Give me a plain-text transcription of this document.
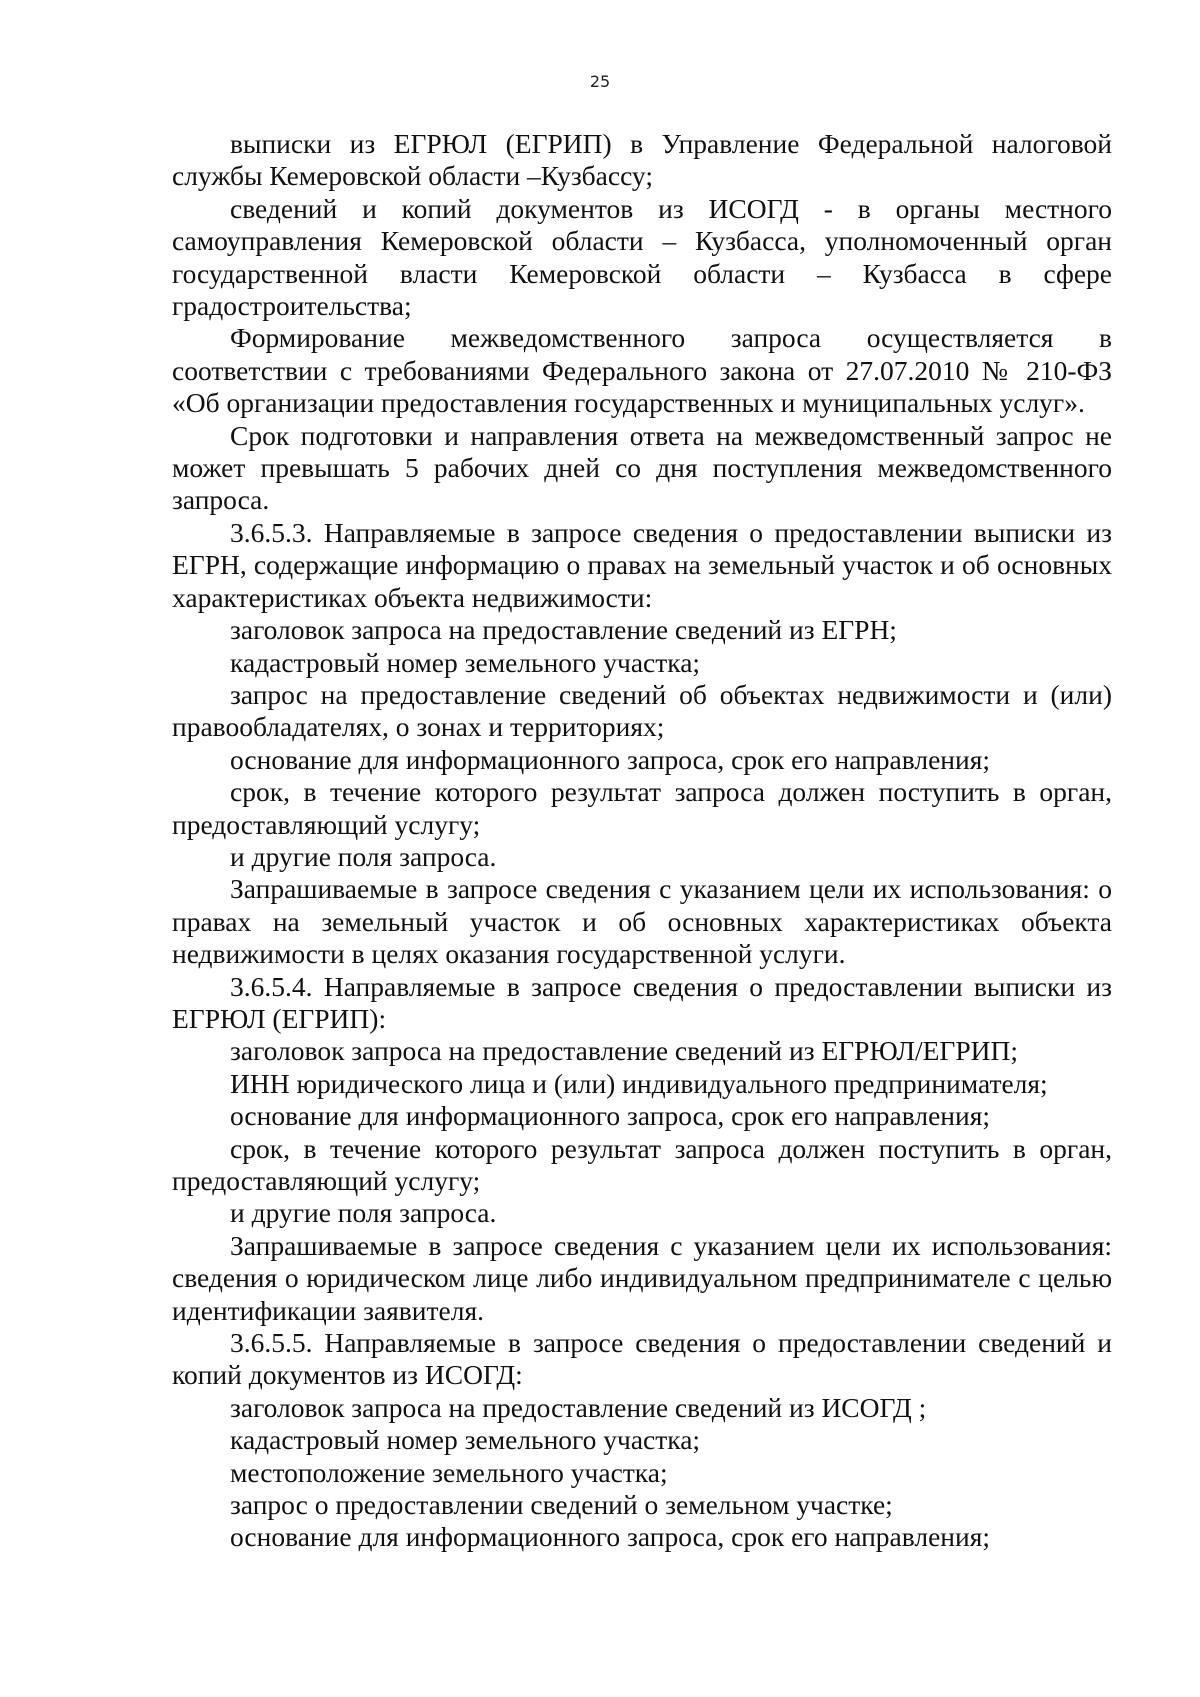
25

выписки из ЕГРЮЛ (ЕГРИП) в Управление Федеральной налоговой службы Кемеровской области –Кузбассу;

сведений и копий документов из ИСОГД - в органы местного самоуправления Кемеровской области – Кузбасса, уполномоченный орган государственной власти Кемеровской области – Кузбасса в сфере градостроительства;

Формирование межведомственного запроса осуществляется в соответствии с требованиями Федерального закона от 27.07.2010 № 210-ФЗ «Об организации предоставления государственных и муниципальных услуг».

Срок подготовки и направления ответа на межведомственный запрос не может превышать 5 рабочих дней со дня поступления межведомственного запроса.

3.6.5.3. Направляемые в запросе сведения о предоставлении выписки из ЕГРН, содержащие информацию о правах на земельный участок и об основных характеристиках объекта недвижимости:

заголовок запроса на предоставление сведений из ЕГРН;

кадастровый номер земельного участка;

запрос на предоставление сведений об объектах недвижимости и (или) правообладателях, о зонах и территориях;

основание для информационного запроса, срок его направления;

срок, в течение которого результат запроса должен поступить в орган, предоставляющий услугу;

и другие поля запроса.

Запрашиваемые в запросе сведения с указанием цели их использования: о правах на земельный участок и об основных характеристиках объекта недвижимости в целях оказания государственной услуги.

3.6.5.4. Направляемые в запросе сведения о предоставлении выписки из ЕГРЮЛ (ЕГРИП):

заголовок запроса на предоставление сведений из ЕГРЮЛ/ЕГРИП;

ИНН юридического лица и (или) индивидуального предпринимателя;

основание для информационного запроса, срок его направления;

срок, в течение которого результат запроса должен поступить в орган, предоставляющий услугу;

и другие поля запроса.

Запрашиваемые в запросе сведения с указанием цели их использования: сведения о юридическом лице либо индивидуальном предпринимателе с целью идентификации заявителя.

3.6.5.5. Направляемые в запросе сведения о предоставлении сведений и копий документов из ИСОГД:

заголовок запроса на предоставление сведений из ИСОГД ;

кадастровый номер земельного участка;

местоположение земельного участка;

запрос о предоставлении сведений о земельном участке;

основание для информационного запроса, срок его направления;
